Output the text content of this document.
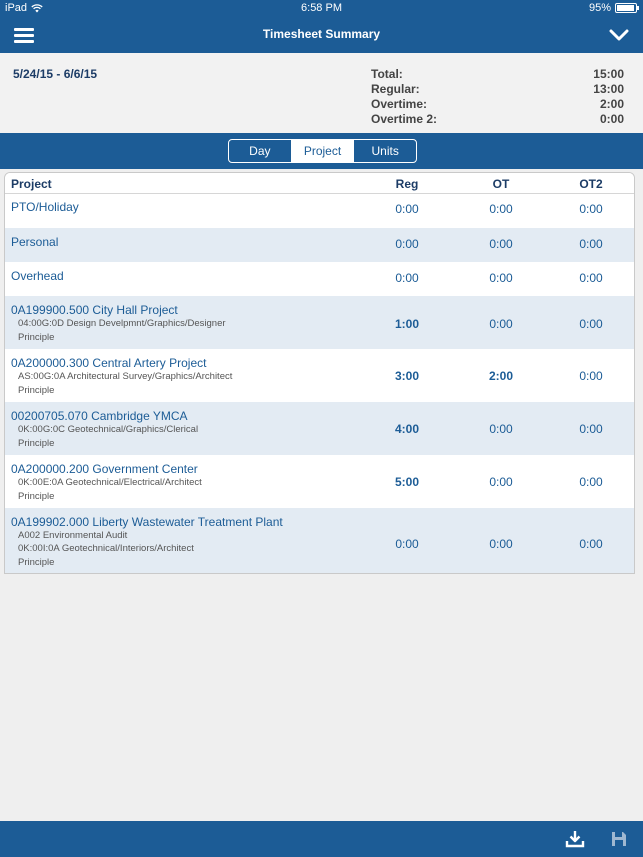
iPad	6:58 PM	95%
Timesheet Summary
5/24/15 - 6/6/15	Total:	15:00
Regular:	13:00
Overtime:	2:00
Overtime 2:	0:00
Day	Project	Units
Project	Reg	OT	OT2
PTO/Holiday	0:00	0:00	0:00
Personal	0:00	0:00	0:00
Overhead	0:00	0:00	0:00
0A199900.500 City Hall Project
04:00G:0D Design Develpmnt/Graphics/Designer
Principle
1:00	0:00	0:00
0A200000.300 Central Artery Project
AS:00G:0A Architectural Survey/Graphics/Architect
Principle
3:00	2:00	0:00
00200705.070 Cambridge YMCA
0K:00G:0C Geotechnical/Graphics/Clerical
Principle
4:00	0:00	0:00
0A200000.200 Government Center
0K:00E:0A Geotechnical/Electrical/Architect
Principle
5:00	0:00	0:00
0A199902.000 Liberty Wastewater Treatment Plant
A002 Environmental Audit
0K:00I:0A Geotechnical/Interiors/Architect
Principle
0:00	0:00	0:00
